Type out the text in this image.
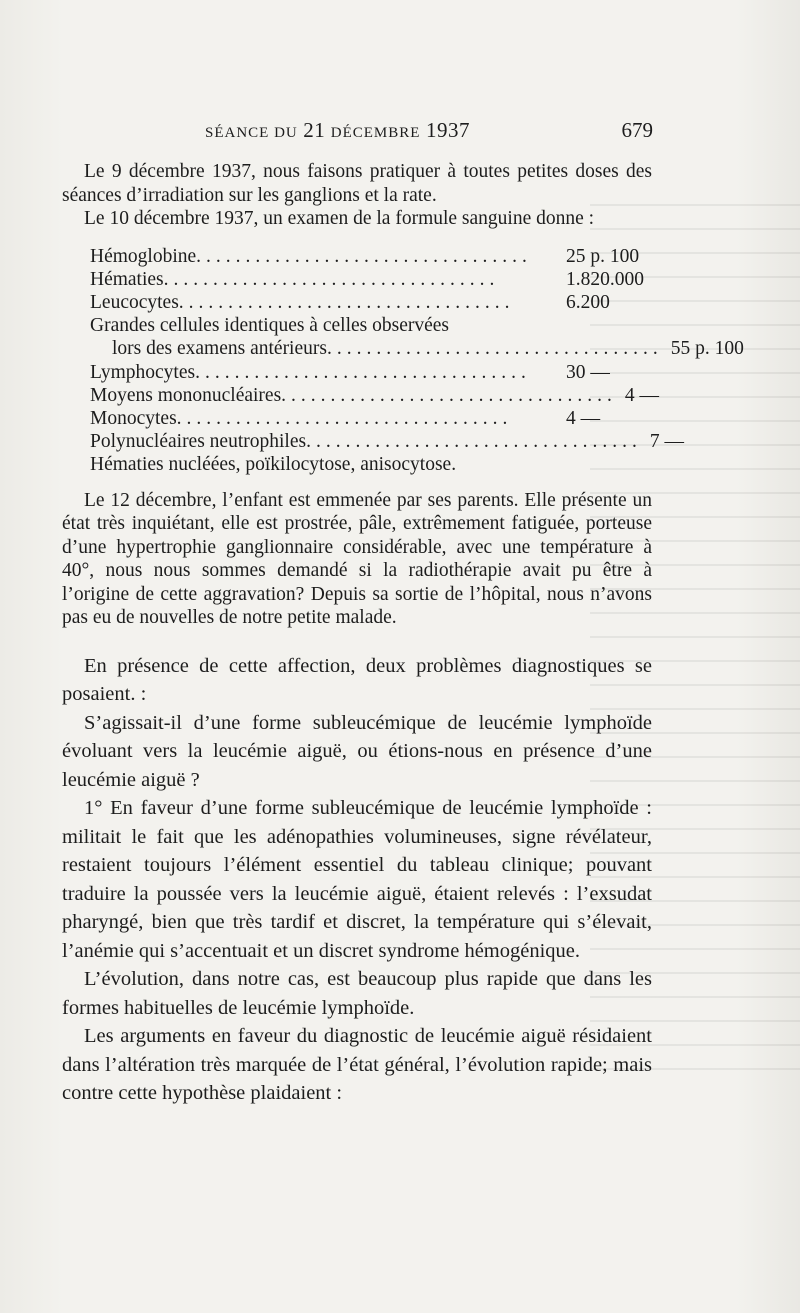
SÉANCE DU 21 DÉCEMBRE 1937	679

Le 9 décembre 1937, nous faisons pratiquer à toutes petites doses des séances d’irradiation sur les ganglions et la rate.

Le 10 décembre 1937, un examen de la formule sanguine donne :

Hémoglobine..................................	25 p. 100
Hématies..................................	1.820.000
Leucocytes..................................	6.200
Grandes cellules identiques à celles observées
lors des examens antérieurs.................................. 55 p. 100
Lymphocytes..................................	30 —
Moyens mononucléaires.................................. 4 —
Monocytes..................................	4 —
Polynucléaires neutrophiles.................................. 7 —
Hématies nucléées, poïkilocytose, anisocytose.

Le 12 décembre, l’enfant est emmenée par ses parents. Elle présente un état très inquiétant, elle est prostrée, pâle, extrêmement fatiguée, porteuse d’une hypertrophie ganglionnaire considérable, avec une température à 40°, nous nous sommes demandé si la radiothérapie avait pu être à l’origine de cette aggravation? Depuis sa sortie de l’hôpital, nous n’avons pas eu de nouvelles de notre petite malade.

En présence de cette affection, deux problèmes diagnostiques se posaient. :

S’agissait-il d’une forme subleucémique de leucémie lymphoïde évoluant vers la leucémie aiguë, ou étions-nous en présence d’une leucémie aiguë ?

1° En faveur d’une forme subleucémique de leucémie lymphoïde : militait le fait que les adénopathies volumineuses, signe révélateur, restaient toujours l’élément essentiel du tableau clinique; pouvant traduire la poussée vers la leucémie aiguë, étaient relevés : l’exsudat pharyngé, bien que très tardif et discret, la température qui s’élevait, l’anémie qui s’accentuait et un discret syndrome hémogénique.

L’évolution, dans notre cas, est beaucoup plus rapide que dans les formes habituelles de leucémie lymphoïde.

Les arguments en faveur du diagnostic de leucémie aiguë résidaient dans l’altération très marquée de l’état général, l’évolution rapide; mais contre cette hypothèse plaidaient :
